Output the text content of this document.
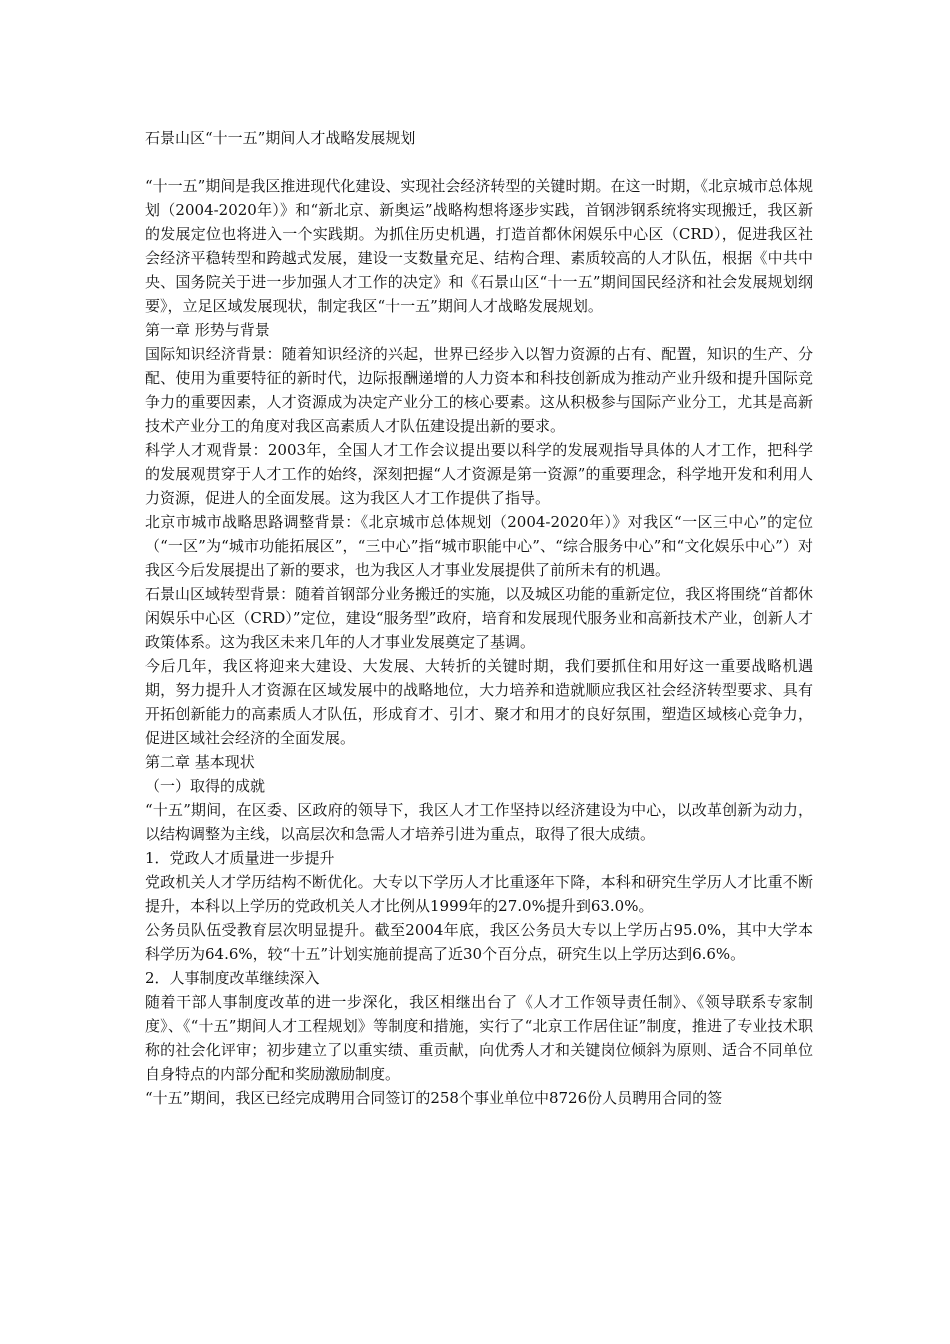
石景山区“十一五”期间人才战略发展规划

“十一五”期间是我区推进现代化建设、实现社会经济转型的关键时期。在这一时期，《北京城市总体规划（2004-2020年）》和“新北京、新奥运”战略构想将逐步实践，首钢涉钢系统将实现搬迁，我区新的发展定位也将进入一个实践期。为抓住历史机遇，打造首都休闲娱乐中心区（CRD），促进我区社会经济平稳转型和跨越式发展，建设一支数量充足、结构合理、素质较高的人才队伍，根据《中共中央、国务院关于进一步加强人才工作的决定》和《石景山区“十一五”期间国民经济和社会发展规划纲要》，立足区域发展现状，制定我区“十一五”期间人才战略发展规划。

第一章 形势与背景

国际知识经济背景：随着知识经济的兴起，世界已经步入以智力资源的占有、配置，知识的生产、分配、使用为重要特征的新时代，边际报酬递增的人力资本和科技创新成为推动产业升级和提升国际竞争力的重要因素，人才资源成为决定产业分工的核心要素。这从积极参与国际产业分工，尤其是高新技术产业分工的角度对我区高素质人才队伍建设提出新的要求。

科学人才观背景：2003年，全国人才工作会议提出要以科学的发展观指导具体的人才工作，把科学的发展观贯穿于人才工作的始终，深刻把握“人才资源是第一资源”的重要理念，科学地开发和利用人力资源，促进人的全面发展。这为我区人才工作提供了指导。

北京市城市战略思路调整背景：《北京城市总体规划（2004-2020年）》对我区“一区三中心”的定位（“一区”为“城市功能拓展区”，“三中心”指“城市职能中心”、“综合服务中心”和“文化娱乐中心”）对我区今后发展提出了新的要求，也为我区人才事业发展提供了前所未有的机遇。

石景山区域转型背景：随着首钢部分业务搬迁的实施，以及城区功能的重新定位，我区将围绕“首都休闲娱乐中心区（CRD）”定位，建设“服务型”政府，培育和发展现代服务业和高新技术产业，创新人才政策体系。这为我区未来几年的人才事业发展奠定了基调。

今后几年，我区将迎来大建设、大发展、大转折的关键时期，我们要抓住和用好这一重要战略机遇期，努力提升人才资源在区域发展中的战略地位，大力培养和造就顺应我区社会经济转型要求、具有开拓创新能力的高素质人才队伍，形成育才、引才、聚才和用才的良好氛围，塑造区域核心竞争力，促进区域社会经济的全面发展。

第二章 基本现状

（一）取得的成就

“十五”期间，在区委、区政府的领导下，我区人才工作坚持以经济建设为中心，以改革创新为动力，以结构调整为主线，以高层次和急需人才培养引进为重点，取得了很大成绩。

1．党政人才质量进一步提升

党政机关人才学历结构不断优化。大专以下学历人才比重逐年下降，本科和研究生学历人才比重不断提升，本科以上学历的党政机关人才比例从1999年的27.0%提升到63.0%。

公务员队伍受教育层次明显提升。截至2004年底，我区公务员大专以上学历占95.0%，其中大学本科学历为64.6%，较“十五”计划实施前提高了近30个百分点，研究生以上学历达到6.6%。

2．人事制度改革继续深入

随着干部人事制度改革的进一步深化，我区相继出台了《人才工作领导责任制》、《领导联系专家制度》、《“十五”期间人才工程规划》等制度和措施，实行了“北京工作居住证”制度，推进了专业技术职称的社会化评审；初步建立了以重实绩、重贡献，向优秀人才和关键岗位倾斜为原则、适合不同单位自身特点的内部分配和奖励激励制度。

“十五”期间，我区已经完成聘用合同签订的258个事业单位中8726份人员聘用合同的签
